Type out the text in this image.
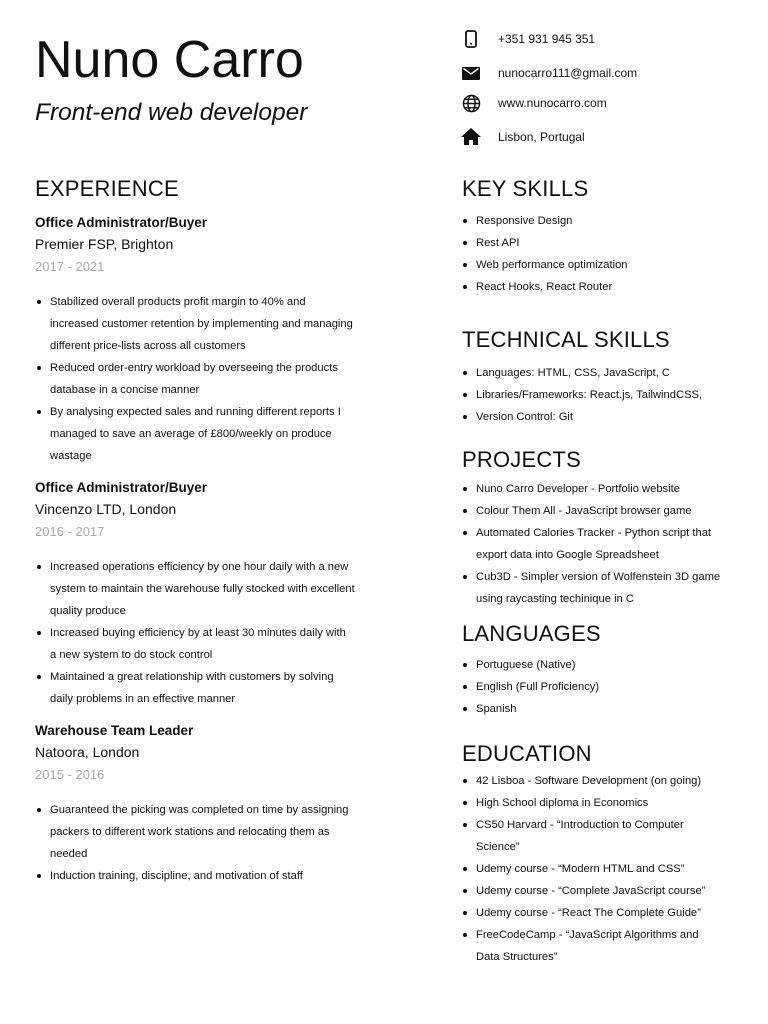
Nuno Carro
Front-end web developer
+351 931 945 351
nunocarro111@gmail.com
www.nunocarro.com
Lisbon, Portugal
EXPERIENCE
Office Administrator/Buyer
Premier FSP, Brighton
2017 - 2021
Stabilized overall products profit margin to 40% and increased customer retention by implementing and managing different price-lists across all customers
Reduced order-entry workload by overseeing the products database in a concise manner
By analysing expected sales and running different reports I managed to save an average of £800/weekly on produce wastage
Office Administrator/Buyer
Vincenzo LTD, London
2016 - 2017
Increased operations efficiency by one hour daily with a new system to maintain the warehouse fully stocked with excellent quality produce
Increased buying efficiency by at least 30 minutes daily with a new system to do stock control
Maintained a great relationship with customers by solving daily problems in an effective manner
Warehouse Team Leader
Natoora, London
2015 - 2016
Guaranteed the picking was completed on time by assigning packers to different work stations and relocating them as needed
Induction training, discipline, and motivation of staff
KEY SKILLS
Responsive Design
Rest API
Web performance optimization
React Hooks, React Router
TECHNICAL SKILLS
Languages: HTML, CSS, JavaScript, C
Libraries/Frameworks: React.js, TailwindCSS,
Version Control: Git
PROJECTS
Nuno Carro Developer - Portfolio website
Colour Them All - JavaScript browser game
Automated Calories Tracker - Python script that export data into Google Spreadsheet
Cub3D - Simpler version of Wolfenstein 3D game using raycasting techinique in C
LANGUAGES
Portuguese (Native)
English (Full Proficiency)
Spanish
EDUCATION
42 Lisboa - Software Development (on going)
High School diploma in Economics
CS50 Harvard - “Introduction to Computer Science”
Udemy course - “Modern HTML and CSS”
Udemy course - “Complete JavaScript course”
Udemy course - “React The Complete Guide”
FreeCodeCamp - “JavaScript Algorithms and Data Structures”
